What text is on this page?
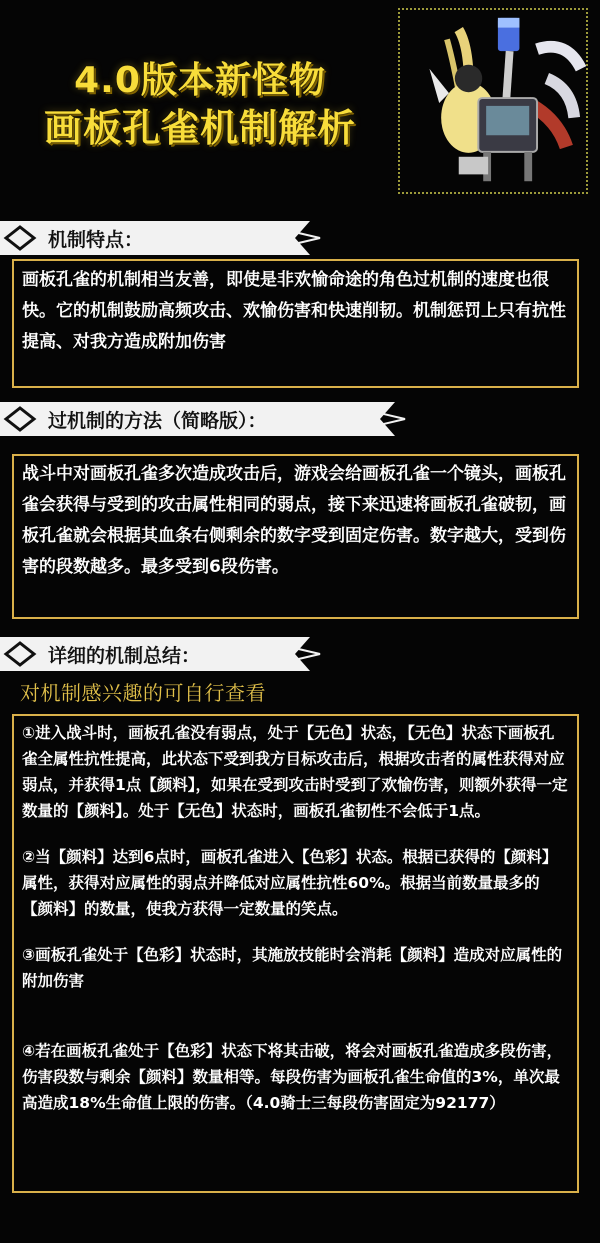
4.0版本新怪物
画板孔雀机制解析
机制特点：
画板孔雀的机制相当友善，即使是非欢愉命途的角色过机制的速度也很快。它的机制鼓励高频攻击、欢愉伤害和快速削韧。机制惩罚上只有抗性提高、对我方造成附加伤害
过机制的方法（简略版）：
战斗中对画板孔雀多次造成攻击后，游戏会给画板孔雀一个镜头，画板孔雀会获得与受到的攻击属性相同的弱点，接下来迅速将画板孔雀破韧，画板孔雀就会根据其血条右侧剩余的数字受到固定伤害。数字越大，受到伤害的段数越多。最多受到6段伤害。
详细的机制总结：
对机制感兴趣的可自行查看

①进入战斗时，画板孔雀没有弱点，处于【无色】状态，【无色】状态下画板孔雀全属性抗性提高，此状态下受到我方目标攻击后，根据攻击者的属性获得对应弱点，并获得1点【颜料】，如果在受到攻击时受到了欢愉伤害，则额外获得一定数量的【颜料】。处于【无色】状态时，画板孔雀韧性不会低于1点。

②当【颜料】达到6点时，画板孔雀进入【色彩】状态。根据已获得的【颜料】属性，获得对应属性的弱点并降低对应属性抗性60%。根据当前数量最多的【颜料】的数量，使我方获得一定数量的笑点。

③画板孔雀处于【色彩】状态时，其施放技能时会消耗【颜料】造成对应属性的附加伤害

④若在画板孔雀处于【色彩】状态下将其击破，将会对画板孔雀造成多段伤害，伤害段数与剩余【颜料】数量相等。每段伤害为画板孔雀生命值的3%，单次最高造成18%生命值上限的伤害。（4.0骑士三每段伤害固定为92177）
